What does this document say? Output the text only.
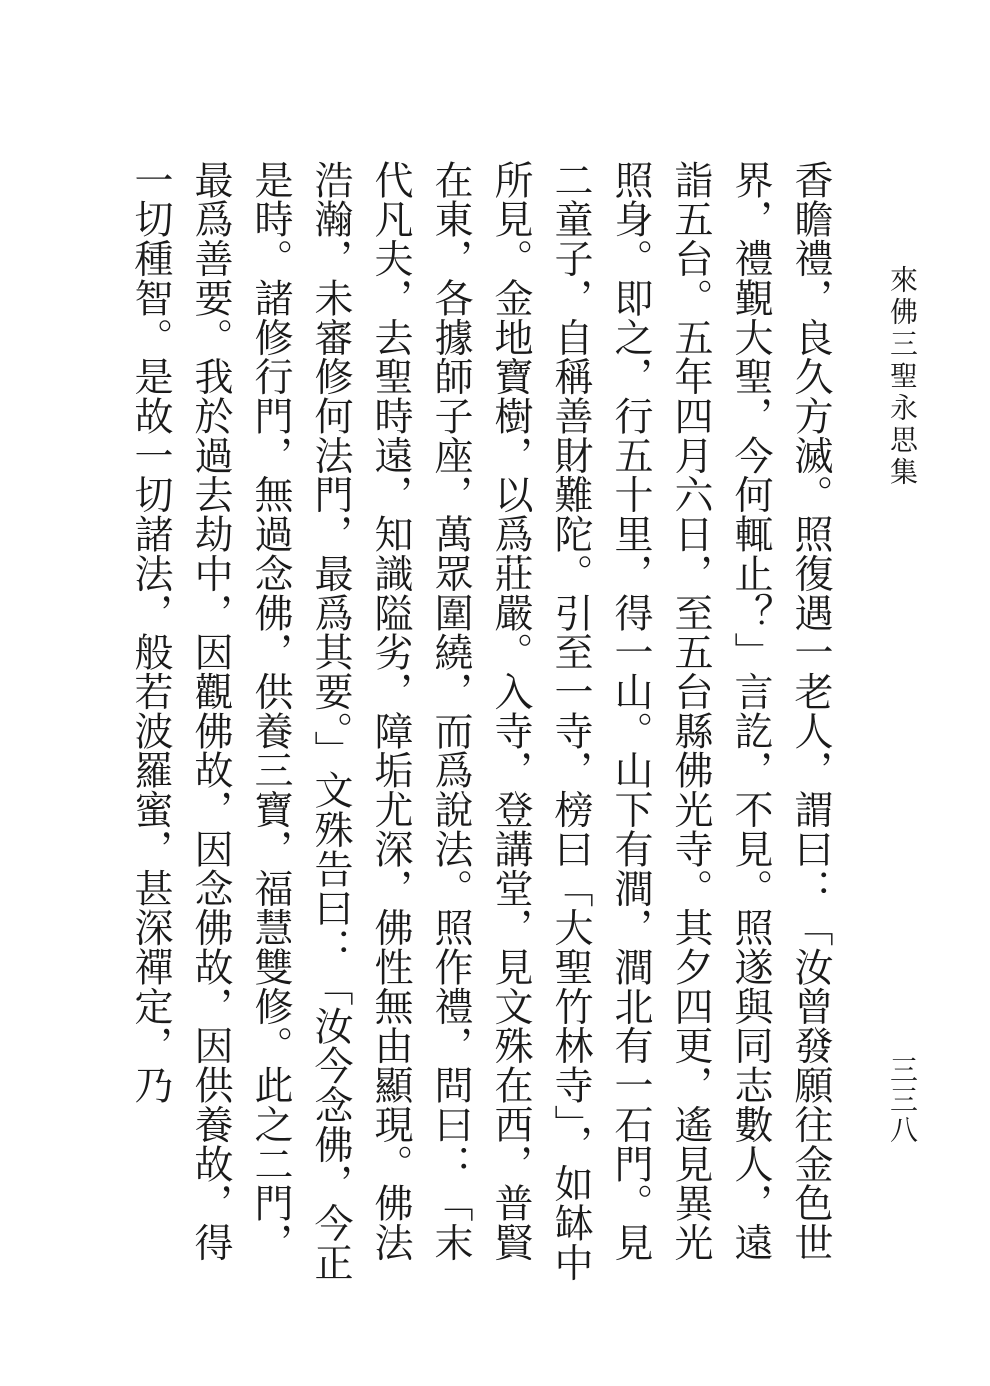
來佛三聖永思集
三三八
香瞻禮，良久方滅。照復遇一老人，謂曰：「汝曾發願往金色世界，禮覲大聖，今何輒止？」言訖，不見。照遂與同志數人，遠詣五台。五年四月六日，至五台縣佛光寺。其夕四更，遙見異光照身。即之，行五十里，得一山。山下有澗，澗北有一石門。見二童子，自稱善財難陀。引至一寺，榜曰「大聖竹林寺」，如缽中所見。金地寶樹，以爲莊嚴。入寺，登講堂，見文殊在西，普賢在東，各據師子座，萬眾圍繞，而爲說法。照作禮，問曰：「末代凡夫，去聖時遠，知識隘劣，障垢尤深，佛性無由顯現。佛法浩瀚，未審修何法門，最爲其要。」文殊告曰：「汝今念佛，今正是時。諸修行門，無過念佛，供養三寶，福慧雙修。此之二門，最爲善要。我於過去劫中，因觀佛故，因念佛故，因供養故，得一切種智。是故一切諸法，般若波羅蜜，甚深禪定，乃
